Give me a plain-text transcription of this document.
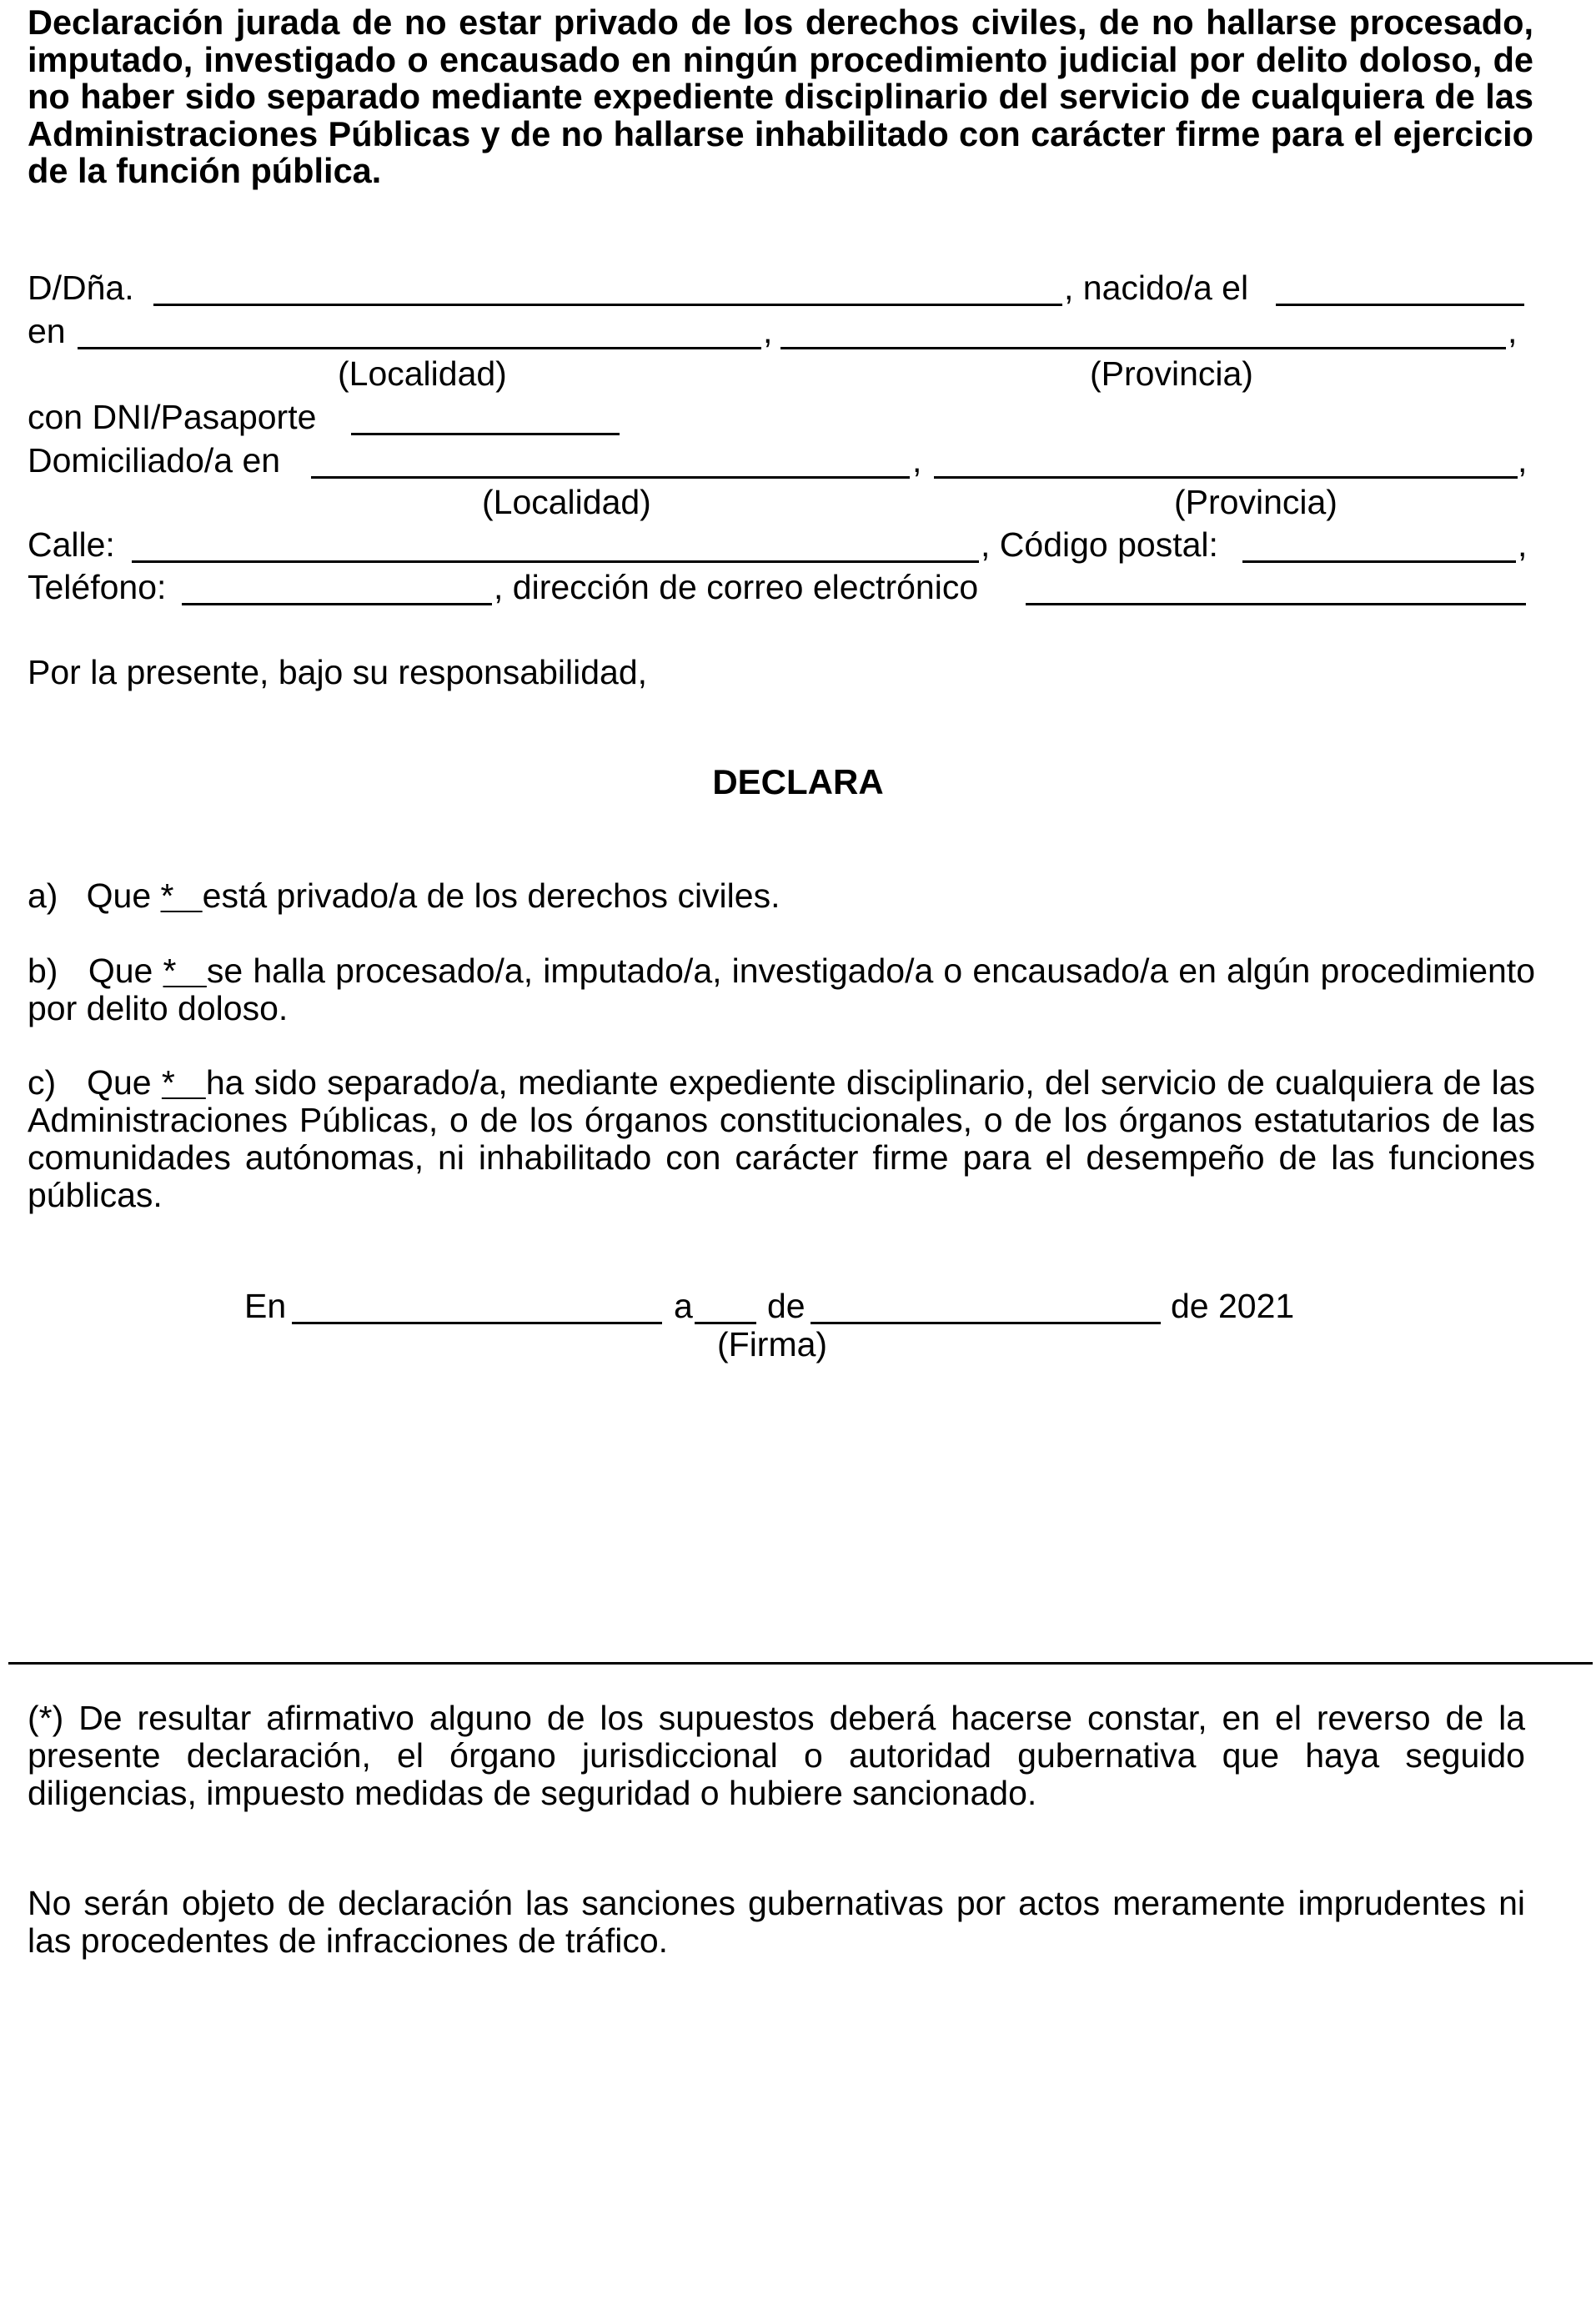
Declaración jurada de no estar privado de los derechos civiles, de no hallarse procesado, imputado, investigado o encausado en ningún procedimiento judicial por delito doloso, de no haber sido separado mediante expediente disciplinario del servicio de cualquiera de las Administraciones Públicas y de no hallarse inhabilitado con carácter firme para el ejercicio de la función pública.

D/Dña.	, nacido/a el
en	,	,
(Localidad)	(Provincia)
con DNI/Pasaporte
Domiciliado/a en	,	,
(Localidad)	(Provincia)
Calle:	, Código postal:	,
Teléfono:	, dirección de correo electrónico
Por la presente, bajo su responsabilidad,

DECLARA

a)   Que *   está privado/a de los derechos civiles.

b)   Que *   se halla procesado/a, imputado/a, investigado/a o encausado/a en algún procedimiento por delito doloso.

c)   Que *   ha sido separado/a, mediante expediente disciplinario, del servicio de cualquiera de las Administraciones Públicas, o de los órganos constitucionales, o de los órganos estatutarios de las comunidades autónomas, ni inhabilitado con carácter firme para el desempeño de las funciones públicas.

En	a de	de 2021
(Firma)

(*) De resultar afirmativo alguno de los supuestos deberá hacerse constar, en el reverso de la presente declaración, el órgano jurisdiccional o autoridad gubernativa que haya seguido diligencias, impuesto medidas de seguridad o hubiere sancionado.

No serán objeto de declaración las sanciones gubernativas por actos meramente imprudentes ni las procedentes de infracciones de tráfico.
